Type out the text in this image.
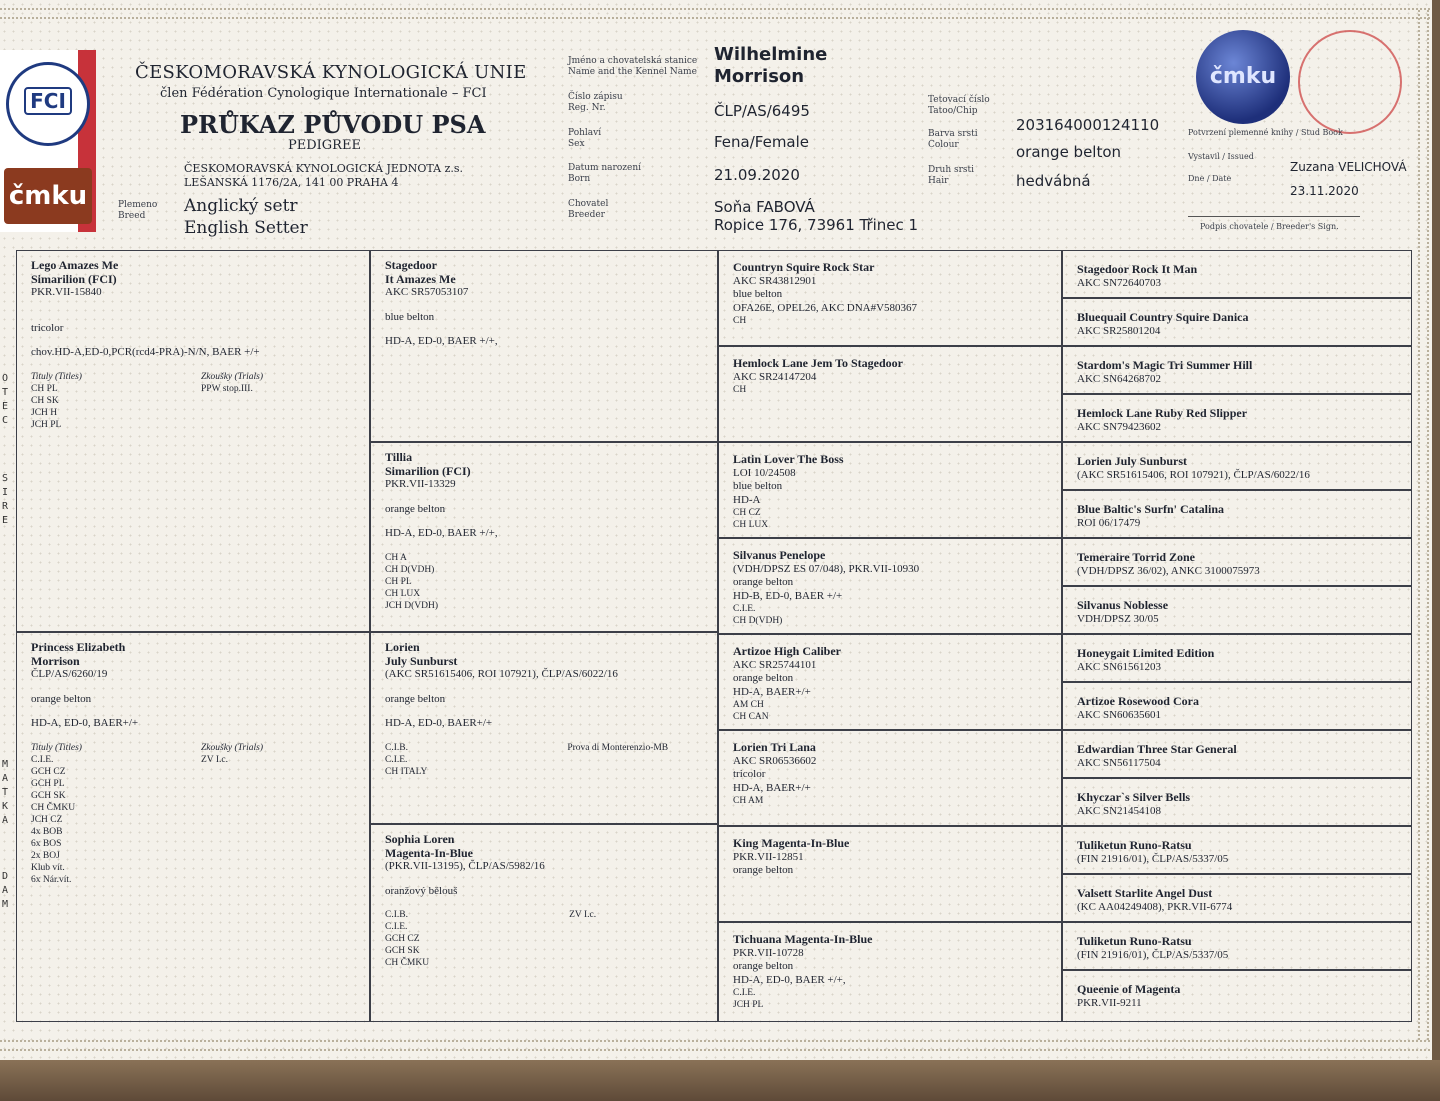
FCI
čmku
ČESKOMORAVSKÁ KYNOLOGICKÁ UNIE
člen Fédération Cynologique Internationale – FCI
PRŮKAZ PŮVODU PSA
PEDIGREE
ČESKOMORAVSKÁ KYNOLOGICKÁ JEDNOTA z.s.
LEŠANSKÁ 1176/2A, 141 00 PRAHA 4
Plemeno
Breed	Anglický setr
English Setter
Jméno a chovatelská stanice
Name and the Kennel Name
Wilhelmine
Morrison
Číslo zápisu
Reg. Nr.	ČLP/AS/6495
Pohlaví
Sex	Fena/Female
Datum narození
Born	21.09.2020
Chovatel
Breeder	Soňa FABOVÁ
Ropice 176, 73961 Třinec 1
Tetovací číslo
Tatoo/Chip
203164000124110
Barva srsti
Colour	orange belton
Druh srsti
Hair	hedvábná
čmku
Potvrzení plemenné knihy / Stud Book
Vystavil / Issued
Zuzana VELICHOVÁ
Dne / Date
23.11.2020
Podpis chovatele / Breeder's Sign.
O
T
E
C
S
I
R
E
M
A
T
K
A
D
A
M
Lego Amazes Me
Simarilion (FCI)
PKR.VII-15840
tricolor
chov.HD-A,ED-0,PCR(rcd4-PRA)-N/N, BAER +/+
Tituly (Titles)
CH PL
CH SK
JCH H
JCH PL
Zkoušky (Trials)
PPW stop.III.
Princess Elizabeth
Morrison
ČLP/AS/6260/19
orange belton
HD-A, ED-0, BAER+/+
Tituly (Titles)
C.I.E.
GCH CZ
GCH PL
GCH SK
CH ČMKU
JCH CZ
4x BOB
6x BOS
2x BOJ
Klub vít.
6x Nár.vít.
Zkoušky (Trials)
ZV I.c.
Stagedoor
It Amazes Me
AKC SR57053107
blue belton
HD-A, ED-0, BAER +/+,
Tillia
Simarilion (FCI)
PKR.VII-13329
orange belton
HD-A, ED-0, BAER +/+,
CH A
CH D(VDH)
CH PL
CH LUX
JCH D(VDH)
Lorien
July Sunburst
(AKC SR51615406, ROI 107921), ČLP/AS/6022/16
orange belton
HD-A, ED-0, BAER+/+
C.I.B.
C.I.E.
CH ITALY
Prova di Monterenzio-MB
Sophia Loren
Magenta-In-Blue
(PKR.VII-13195), ČLP/AS/5982/16
oranžový bělouš
C.I.B.
C.I.E.
GCH CZ
GCH SK
CH ČMKU
ZV I.c.
Countryn Squire Rock Star
AKC SR43812901
blue belton
OFA26E, OPEL26, AKC DNA#V580367
CH
Hemlock Lane Jem To Stagedoor
AKC SR24147204
CH
Latin Lover The Boss
LOI 10/24508
blue belton
HD-A
CH CZ
CH LUX
Silvanus Penelope
(VDH/DPSZ ES 07/048), PKR.VII-10930
orange belton
HD-B, ED-0, BAER +/+
C.I.E.
CH D(VDH)
Artizoe High Caliber
AKC SR25744101
orange belton
HD-A, BAER+/+
AM CH
CH CAN
Lorien Tri Lana
AKC SR06536602
tricolor
HD-A, BAER+/+
CH AM
King Magenta-In-Blue
PKR.VII-12851
orange belton
Tichuana Magenta-In-Blue
PKR.VII-10728
orange belton
HD-A, ED-0, BAER +/+,
C.I.E.
JCH PL
Stagedoor Rock It Man
AKC SN72640703
Bluequail Country Squire Danica
AKC SR25801204
Stardom's Magic Tri Summer Hill
AKC SN64268702
Hemlock Lane Ruby Red Slipper
AKC SN79423602
Lorien July Sunburst
(AKC SR51615406, ROI 107921), ČLP/AS/6022/16
Blue Baltic's Surfn' Catalina
ROI 06/17479
Temeraire Torrid Zone
(VDH/DPSZ 36/02), ANKC 3100075973
Silvanus Noblesse
VDH/DPSZ 30/05
Honeygait Limited Edition
AKC SN61561203
Artizoe Rosewood Cora
AKC SN60635601
Edwardian Three Star General
AKC SN56117504
Khyczar`s Silver Bells
AKC SN21454108
Tuliketun Runo-Ratsu
(FIN 21916/01), ČLP/AS/5337/05
Valsett Starlite Angel Dust
(KC AA04249408), PKR.VII-6774
Tuliketun Runo-Ratsu
(FIN 21916/01), ČLP/AS/5337/05
Queenie of Magenta
PKR.VII-9211
